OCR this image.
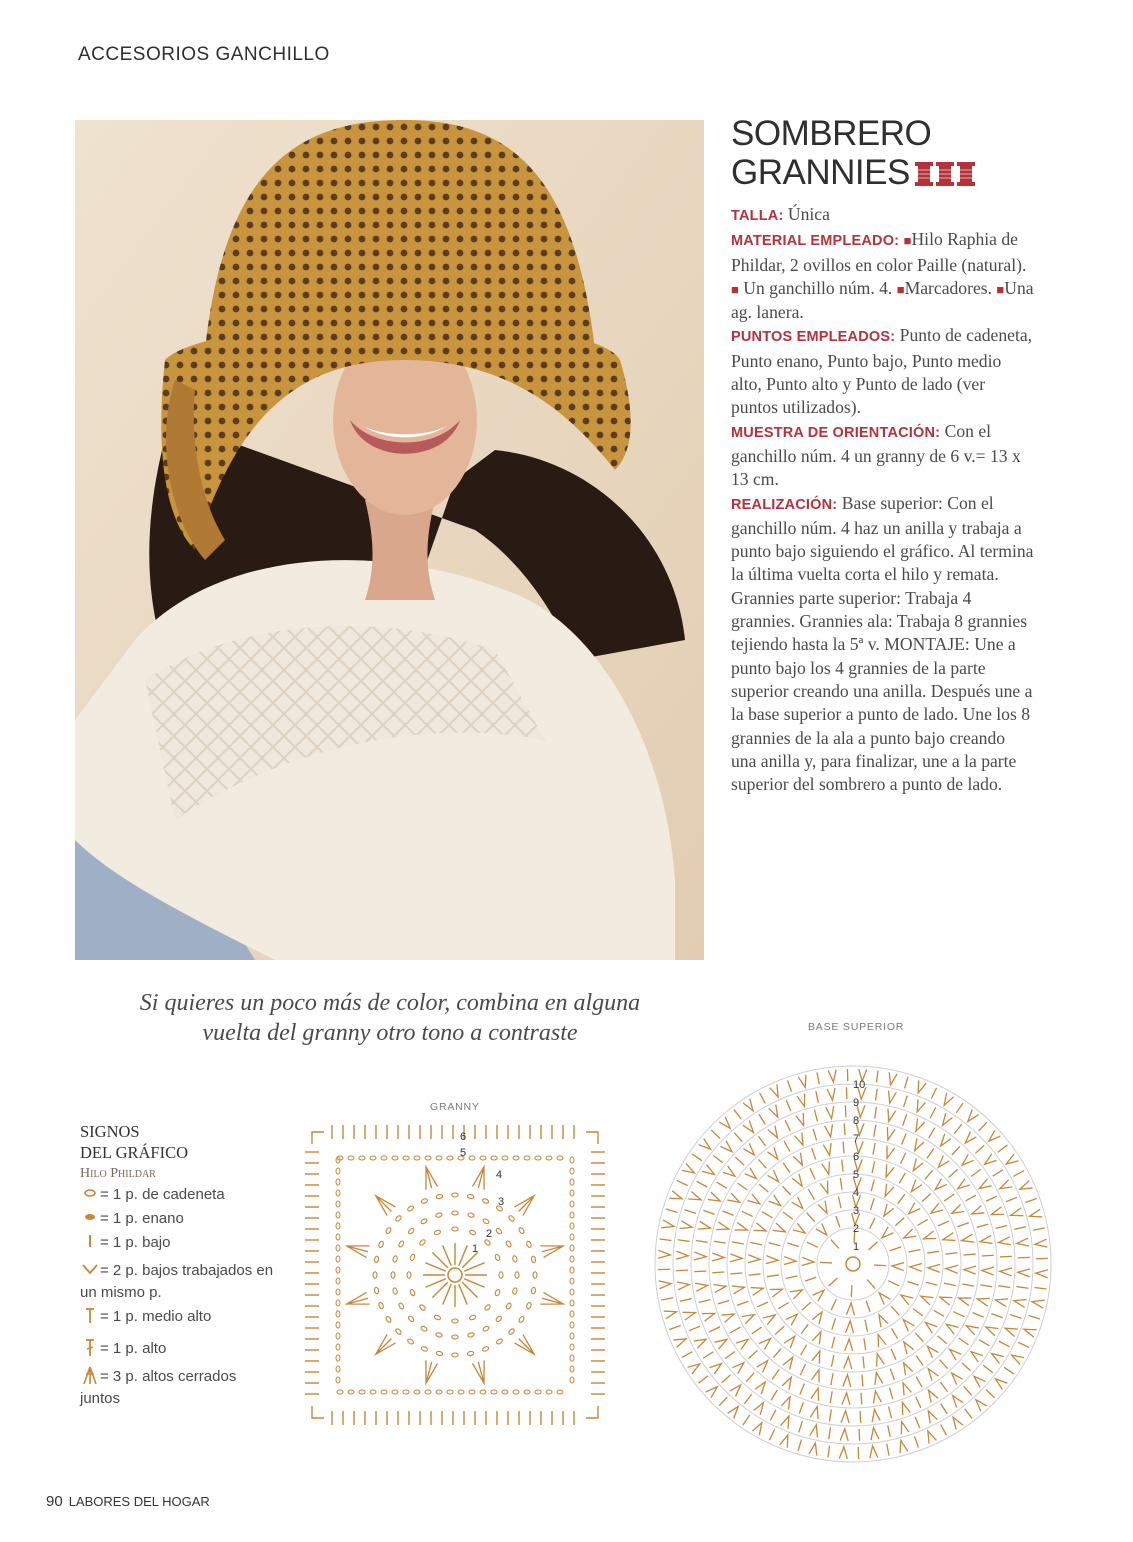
ACCESORIOS GANCHILLO
SOMBRERO
GRANNIES

TALLA: Única

MATERIAL EMPLEADO: ■Hilo Raphia de Phildar, 2 ovillos en color Paille (natural). ■ Un ganchillo núm. 4. ■Marcadores. ■Una ag. lanera.

PUNTOS EMPLEADOS: Punto de cadeneta, Punto enano, Punto bajo, Punto medio alto, Punto alto y Punto de lado (ver puntos utilizados).

MUESTRA DE ORIENTACIÓN: Con el ganchillo núm. 4 un granny de 6 v.= 13 x 13 cm.

REALIZACIÓN: Base superior: Con el ganchillo núm. 4 haz un anilla y trabaja a punto bajo siguiendo el gráfico. Al termina la última vuelta corta el hilo y remata. Grannies parte superior: Trabaja 4 grannies. Grannies ala: Trabaja 8 grannies tejiendo hasta la 5ª v. MONTAJE: Une a punto bajo los 4 grannies de la parte superior creando una anilla. Después une a la base superior a punto de lado. Une los 8 grannies de la ala a punto bajo creando una anilla y, para finalizar, une a la parte superior del sombrero a punto de lado.

Si quieres un poco más de color, combina en alguna
vuelta del granny otro tono a contraste
SIGNOS
DEL GRÁFICO
Hilo Phildar
= 1 p. de cadeneta
= 1 p. enano
= 1 p. bajo
= 2 p. bajos trabajados en un mismo p.
= 1 p. medio alto
= 1 p. alto
= 3 p. altos cerrados juntos
GRANNY
1
2
3
4
5
6
BASE SUPERIOR
1
2
3
4
5
6
7
8
9
10
90 LABORES DEL HOGAR
